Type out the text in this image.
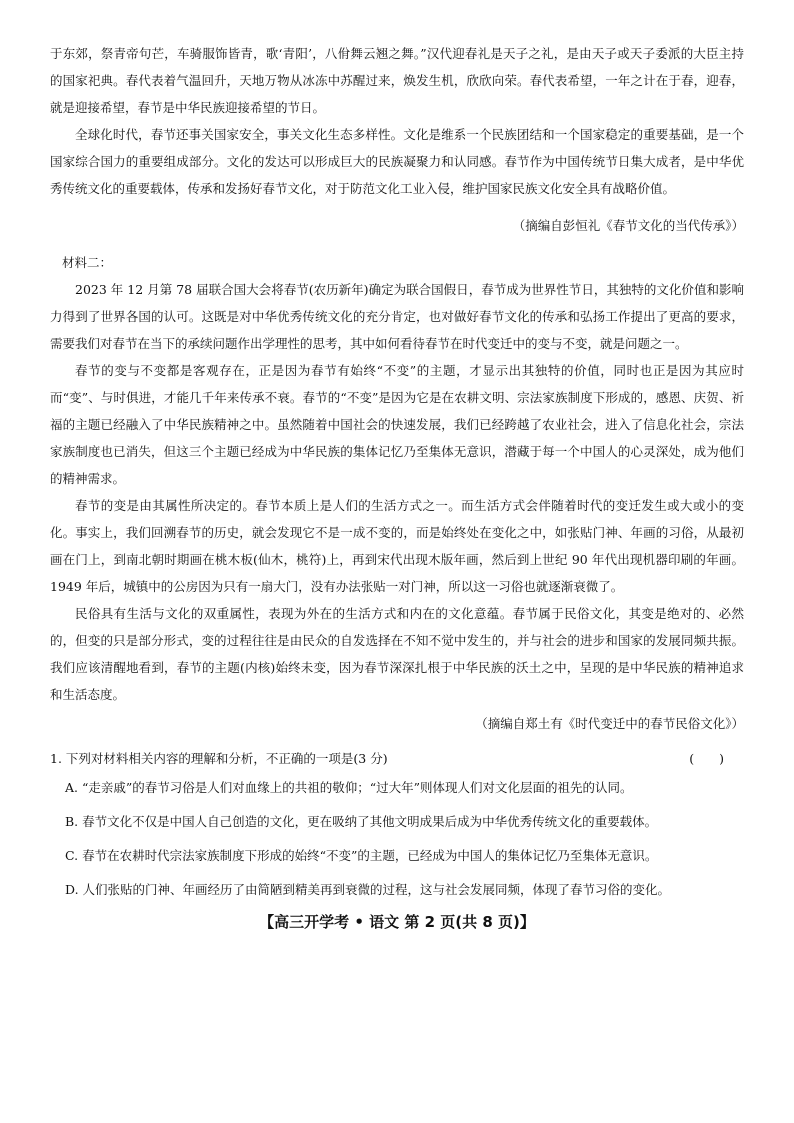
于东郊，祭青帝句芒，车骑服饰皆青，歌‘青阳’，八佾舞云翘之舞。”汉代迎春礼是天子之礼，是由天子或天子委派的大臣主持的国家祀典。春代表着气温回升，天地万物从冰冻中苏醒过来，焕发生机，欣欣向荣。春代表希望，一年之计在于春，迎春，就是迎接希望，春节是中华民族迎接希望的节日。

全球化时代，春节还事关国家安全，事关文化生态多样性。文化是维系一个民族团结和一个国家稳定的重要基础，是一个国家综合国力的重要组成部分。文化的发达可以形成巨大的民族凝聚力和认同感。春节作为中国传统节日集大成者，是中华优秀传统文化的重要载体，传承和发扬好春节文化，对于防范文化工业入侵，维护国家民族文化安全具有战略价值。

（摘编自彭恒礼《春节文化的当代传承》）

材料二：

2023 年 12 月第 78 届联合国大会将春节(农历新年)确定为联合国假日，春节成为世界性节日，其独特的文化价值和影响力得到了世界各国的认可。这既是对中华优秀传统文化的充分肯定，也对做好春节文化的传承和弘扬工作提出了更高的要求，需要我们对春节在当下的承续问题作出学理性的思考，其中如何看待春节在时代变迁中的变与不变，就是问题之一。

春节的变与不变都是客观存在，正是因为春节有始终“不变”的主题，才显示出其独特的价值，同时也正是因为其应时而“变”、与时俱进，才能几千年来传承不衰。春节的“不变”是因为它是在农耕文明、宗法家族制度下形成的，感恩、庆贺、祈福的主题已经融入了中华民族精神之中。虽然随着中国社会的快速发展，我们已经跨越了农业社会，进入了信息化社会，宗法家族制度也已消失，但这三个主题已经成为中华民族的集体记忆乃至集体无意识，潜藏于每一个中国人的心灵深处，成为他们的精神需求。

春节的变是由其属性所决定的。春节本质上是人们的生活方式之一。而生活方式会伴随着时代的变迁发生或大或小的变化。事实上，我们回溯春节的历史，就会发现它不是一成不变的，而是始终处在变化之中，如张贴门神、年画的习俗，从最初画在门上，到南北朝时期画在桃木板(仙木，桃符)上，再到宋代出现木版年画，然后到上世纪 90 年代出现机器印刷的年画。1949 年后，城镇中的公房因为只有一扇大门，没有办法张贴一对门神，所以这一习俗也就逐渐衰微了。

民俗具有生活与文化的双重属性，表现为外在的生活方式和内在的文化意蕴。春节属于民俗文化，其变是绝对的、必然的，但变的只是部分形式，变的过程往往是由民众的自发选择在不知不觉中发生的，并与社会的进步和国家的发展同频共振。我们应该清醒地看到，春节的主题(内核)始终未变，因为春节深深扎根于中华民族的沃土之中，呈现的是中华民族的精神追求和生活态度。

（摘编自郑土有《时代变迁中的春节民俗文化》）

1. 下列对材料相关内容的理解和分析，不正确的一项是(3 分)	(　　)
A. “走亲戚”的春节习俗是人们对血缘上的共祖的敬仰；“过大年”则体现人们对文化层面的祖先的认同。
B. 春节文化不仅是中国人自己创造的文化，更在吸纳了其他文明成果后成为中华优秀传统文化的重要载体。
C. 春节在农耕时代宗法家族制度下形成的始终“不变”的主题，已经成为中国人的集体记忆乃至集体无意识。
D. 人们张贴的门神、年画经历了由简陋到精美再到衰微的过程，这与社会发展同频，体现了春节习俗的变化。
【高三开学考 • 语文 第 2 页(共 8 页)】
